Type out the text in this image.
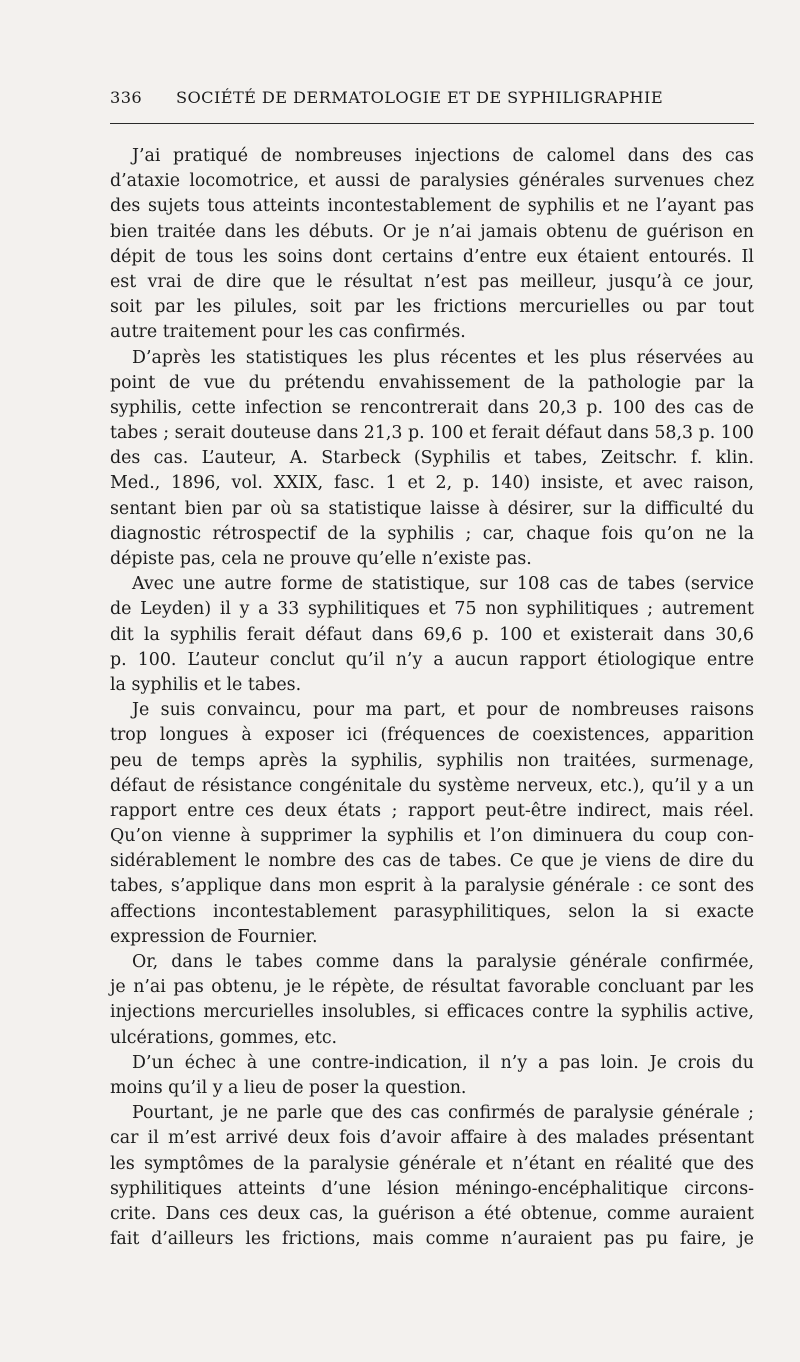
336 SOCIÉTÉ DE DERMATOLOGIE ET DE SYPHILIGRAPHIE
J’ai pratiqué de nombreuses injections de calomel dans des cas
d’ataxie locomotrice, et aussi de paralysies générales survenues chez
des sujets tous atteints incontestablement de syphilis et ne l’ayant pas
bien traitée dans les débuts. Or je n’ai jamais obtenu de guérison en
dépit de tous les soins dont certains d’entre eux étaient entourés. Il
est vrai de dire que le résultat n’est pas meilleur, jusqu’à ce jour,
soit par les pilules, soit par les frictions mercurielles ou par tout
autre traitement pour les cas confirmés.
D’après les statistiques les plus récentes et les plus réservées au
point de vue du prétendu envahissement de la pathologie par la
syphilis, cette infection se rencontrerait dans 20,3 p. 100 des cas de
tabes ; serait douteuse dans 21,3 p. 100 et ferait défaut dans 58,3 p. 100
des cas. L’auteur, A. Starbeck (Syphilis et tabes, Zeitschr. f. klin.
Med., 1896, vol. XXIX, fasc. 1 et 2, p. 140) insiste, et avec raison,
sentant bien par où sa statistique laisse à désirer, sur la difficulté du
diagnostic rétrospectif de la syphilis ; car, chaque fois qu’on ne la
dépiste pas, cela ne prouve qu’elle n’existe pas.
Avec une autre forme de statistique, sur 108 cas de tabes (service
de Leyden) il y a 33 syphilitiques et 75 non syphilitiques ; autrement
dit la syphilis ferait défaut dans 69,6 p. 100 et existerait dans 30,6
p. 100. L’auteur conclut qu’il n’y a aucun rapport étiologique entre
la syphilis et le tabes.
Je suis convaincu, pour ma part, et pour de nombreuses raisons
trop longues à exposer ici (fréquences de coexistences, apparition
peu de temps après la syphilis, syphilis non traitées, surmenage,
défaut de résistance congénitale du système nerveux, etc.), qu’il y a un
rapport entre ces deux états ; rapport peut-être indirect, mais réel.
Qu’on vienne à supprimer la syphilis et l’on diminuera du coup con-
sidérablement le nombre des cas de tabes. Ce que je viens de dire du
tabes, s’applique dans mon esprit à la paralysie générale : ce sont des
affections incontestablement parasyphilitiques, selon la si exacte
expression de Fournier.
Or, dans le tabes comme dans la paralysie générale confirmée,
je n’ai pas obtenu, je le répète, de résultat favorable concluant par les
injections mercurielles insolubles, si efficaces contre la syphilis active,
ulcérations, gommes, etc.
D’un échec à une contre-indication, il n’y a pas loin. Je crois du
moins qu’il y a lieu de poser la question.
Pourtant, je ne parle que des cas confirmés de paralysie générale ;
car il m’est arrivé deux fois d’avoir affaire à des malades présentant
les symptômes de la paralysie générale et n’étant en réalité que des
syphilitiques atteints d’une lésion méningo-encéphalitique circons-
crite. Dans ces deux cas, la guérison a été obtenue, comme auraient
fait d’ailleurs les frictions, mais comme n’auraient pas pu faire, je
